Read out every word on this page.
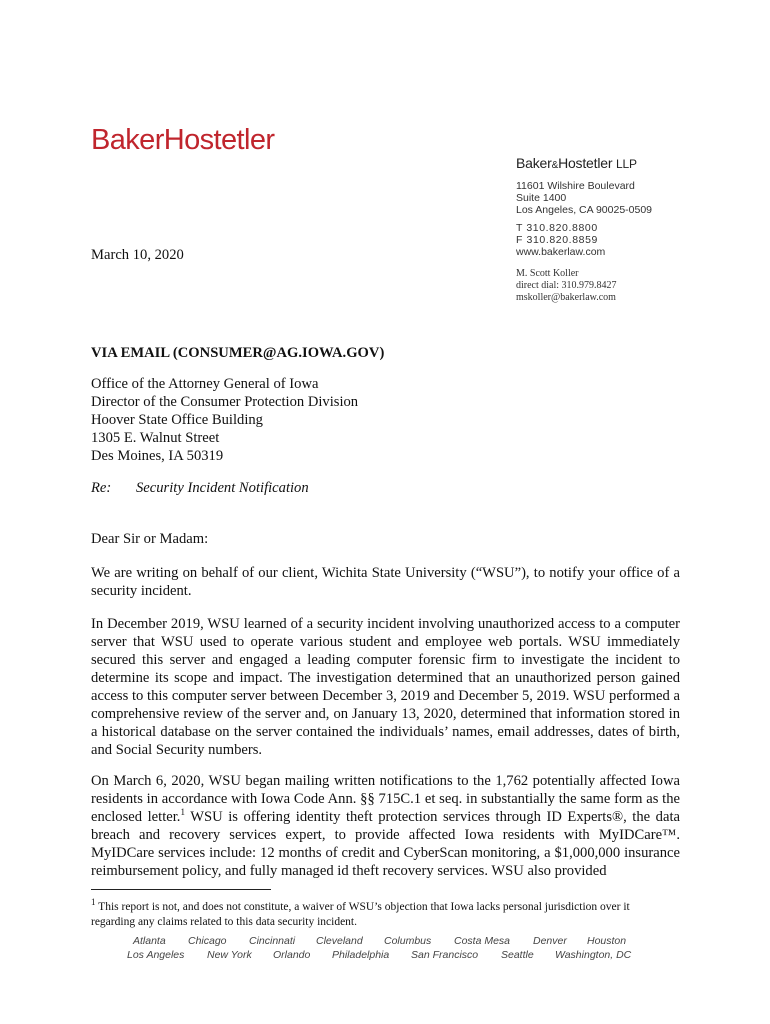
BakerHostetler
Baker&Hostetler LLP
11601 Wilshire Boulevard
Suite 1400
Los Angeles, CA 90025-0509
T 310.820.8800
F 310.820.8859
www.bakerlaw.com
M. Scott Koller
direct dial: 310.979.8427
mskoller@bakerlaw.com
March 10, 2020
VIA EMAIL (CONSUMER@AG.IOWA.GOV)
Office of the Attorney General of Iowa
Director of the Consumer Protection Division
Hoover State Office Building
1305 E. Walnut Street
Des Moines, IA 50319
Re: Security Incident Notification
Dear Sir or Madam:
We are writing on behalf of our client, Wichita State University (“WSU”), to notify your office of a security incident.
In December 2019, WSU learned of a security incident involving unauthorized access to a computer server that WSU used to operate various student and employee web portals. WSU immediately secured this server and engaged a leading computer forensic firm to investigate the incident to determine its scope and impact. The investigation determined that an unauthorized person gained access to this computer server between December 3, 2019 and December 5, 2019. WSU performed a comprehensive review of the server and, on January 13, 2020, determined that information stored in a historical database on the server contained the individuals’ names, email addresses, dates of birth, and Social Security numbers.
On March 6, 2020, WSU began mailing written notifications to the 1,762 potentially affected Iowa residents in accordance with Iowa Code Ann. §§ 715C.1 et seq. in substantially the same form as the enclosed letter.$^1$ WSU is offering identity theft protection services through ID Experts®, the data breach and recovery services expert, to provide affected Iowa residents with MyIDCare™. MyIDCare services include: 12 months of credit and CyberScan monitoring, a $1,000,000 insurance reimbursement policy, and fully managed id theft recovery services. WSU also provided
$^1$ This report is not, and does not constitute, a waiver of WSU’s objection that Iowa lacks personal jurisdiction over it regarding any claims related to this data security incident.
Atlanta Chicago Cincinnati Cleveland Columbus Costa Mesa Denver Houston
Los Angeles New York Orlando Philadelphia San Francisco Seattle Washington, DC
